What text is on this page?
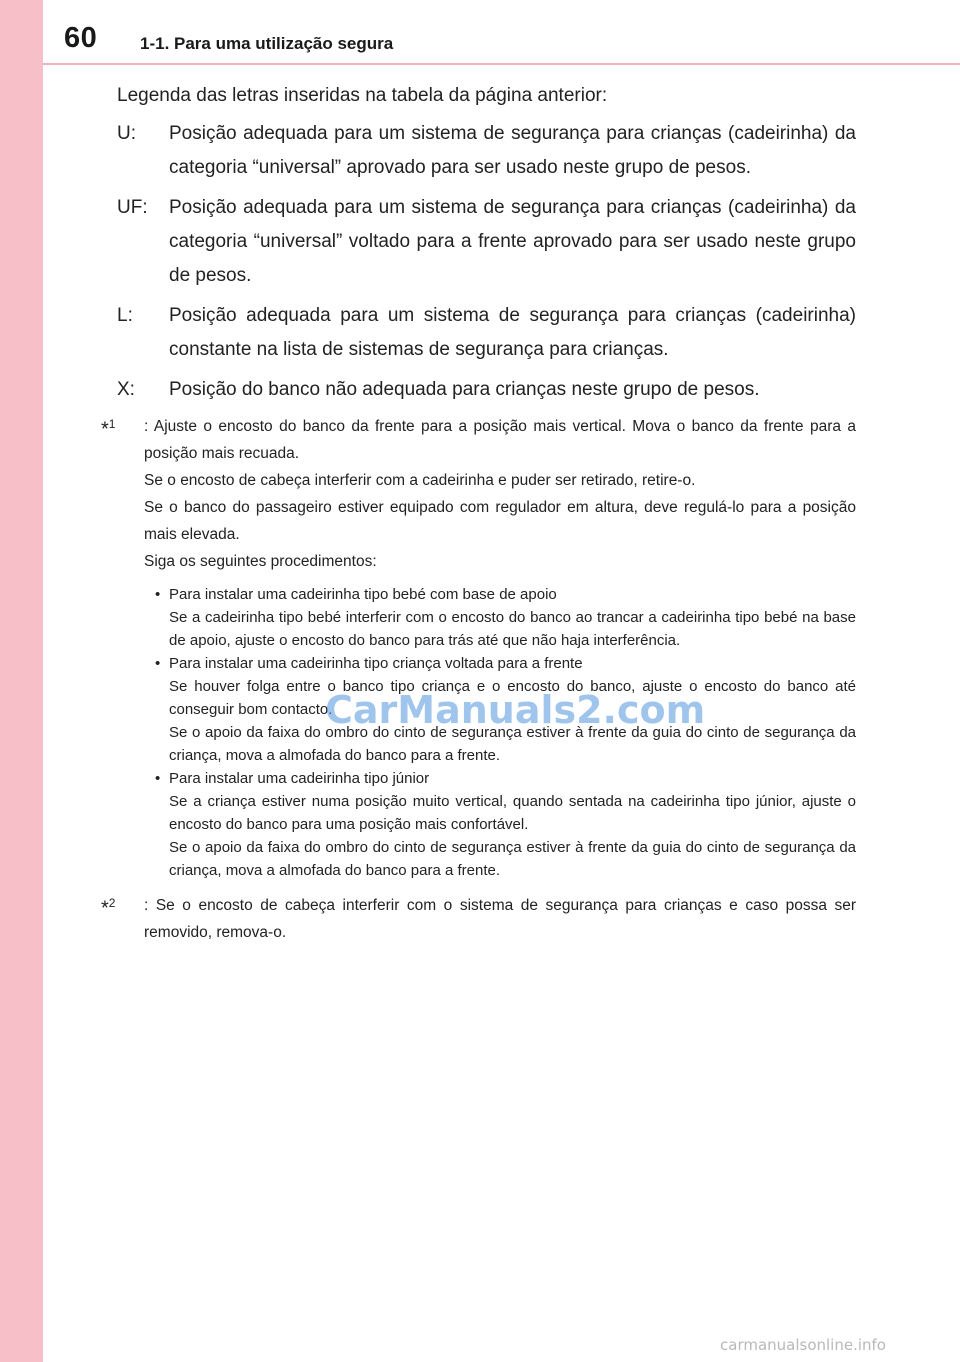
60	1-1. Para uma utilização segura

Legenda das letras inseridas na tabela da página anterior:

U: Posição adequada para um sistema de segurança para crianças (cadeirinha) da categoria “universal” aprovado para ser usado neste grupo de pesos.
UF: Posição adequada para um sistema de segurança para crianças (cadeirinha) da categoria “universal” voltado para a frente aprovado para ser usado neste grupo de pesos.
L: Posição adequada para um sistema de segurança para crianças (cadeirinha) constante na lista de sistemas de segurança para crianças.
X: Posição do banco não adequada para crianças neste grupo de pesos.
*$^1$ : Ajuste o encosto do banco da frente para a posição mais vertical. Mova o banco da frente para a posição mais recuada.
Se o encosto de cabeça interferir com a cadeirinha e puder ser retirado, retire-o.
Se o banco do passageiro estiver equipado com regulador em altura, deve regulá-lo para a posição mais elevada.
Siga os seguintes procedimentos:
• Para instalar uma cadeirinha tipo bebé com base de apoio
Se a cadeirinha tipo bebé interferir com o encosto do banco ao trancar a cadeirinha tipo bebé na base de apoio, ajuste o encosto do banco para trás até que não haja interferência.
• Para instalar uma cadeirinha tipo criança voltada para a frente
Se houver folga entre o banco tipo criança e o encosto do banco, ajuste o encosto do banco até conseguir bom contacto.
Se o apoio da faixa do ombro do cinto de segurança estiver à frente da guia do cinto de segurança da criança, mova a almofada do banco para a frente.
• Para instalar uma cadeirinha tipo júnior
Se a criança estiver numa posição muito vertical, quando sentada na cadeirinha tipo júnior, ajuste o encosto do banco para uma posição mais confortável.
Se o apoio da faixa do ombro do cinto de segurança estiver à frente da guia do cinto de segurança da criança, mova a almofada do banco para a frente.
*$^2$ : Se o encosto de cabeça interferir com o sistema de segurança para crianças e caso possa ser removido, remova-o.
CarManuals2.com
carmanualsonline.info
